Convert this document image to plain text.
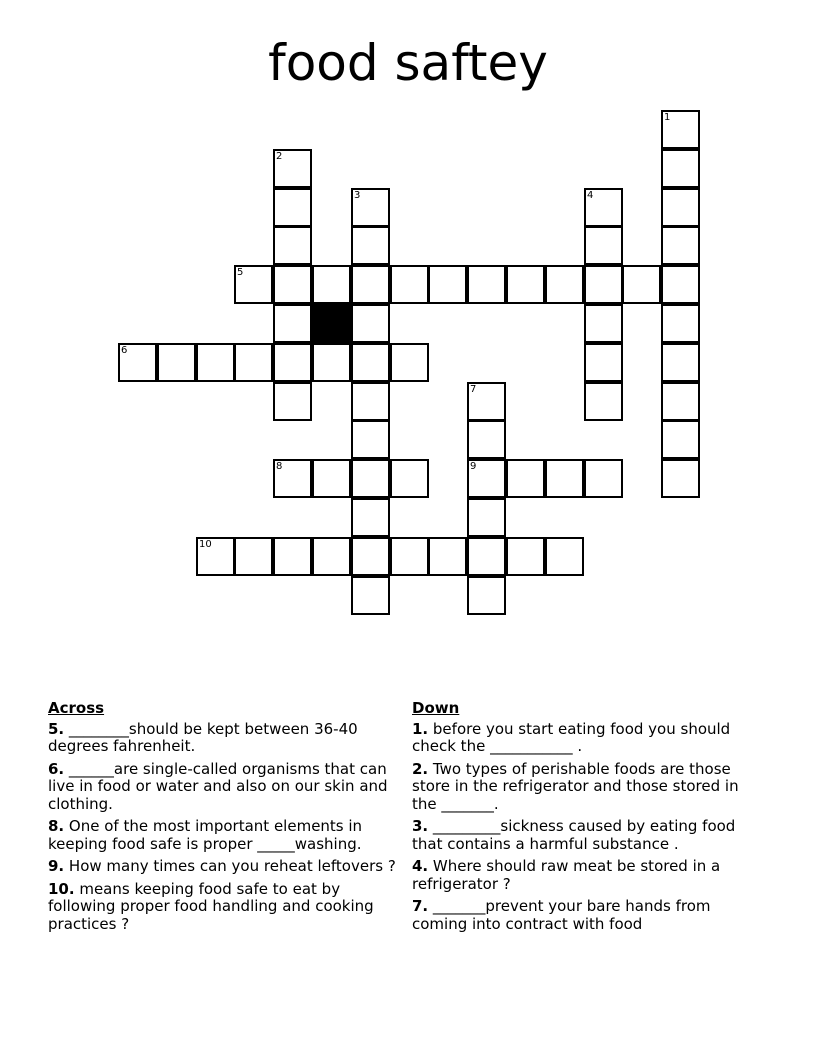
food saftey
1
2
3	4
5
6
7
9
8
10
Across
5. ________should be kept between 36-40 degrees fahrenheit.
6. ______are single-called organisms that can live in food or water and also on our skin and clothing.
8. One of the most important elements in keeping food safe is proper _____washing.
9. How many times can you reheat leftovers ?
10. means keeping food safe to eat by following proper food handling and cooking practices ?
Down
1. before you start eating food you should check the ___________ .
2. Two types of perishable foods are those store in the refrigerator and those stored in the _______.
3. _________sickness caused by eating food that contains a harmful substance .
4. Where should raw meat be stored in a refrigerator ?
7. _______prevent your bare hands from coming into contract with food
